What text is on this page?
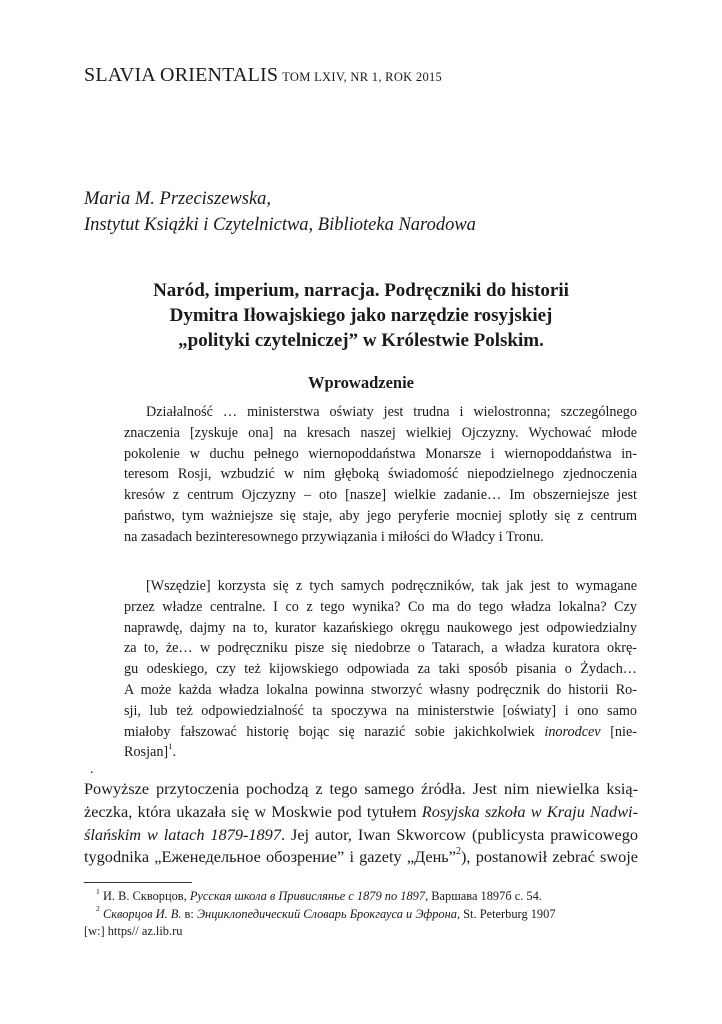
SLAVIA ORIENTALIS TOM LXIV, NR 1, ROK 2015
Maria M. Przeciszewska,
Instytut Książki i Czytelnictwa, Biblioteka Narodowa
Naród, imperium, narracja. Podręczniki do historii
Dymitra Iłowajskiego jako narzędzie rosyjskiej
„polityki czytelniczej” w Królestwie Polskim.
Wprowadzenie
Działalność … ministerstwa oświaty jest trudna i wielostronna; szczególnego
znaczenia [zyskuje ona] na kresach naszej wielkiej Ojczyzny. Wychować młode
pokolenie w duchu pełnego wiernopoddaństwa Monarsze i wiernopoddaństwa in-
teresom Rosji, wzbudzić w nim głęboką świadomość niepodzielnego zjednoczenia
kresów z centrum Ojczyzny – oto [nasze] wielkie zadanie… Im obszerniejsze jest
państwo, tym ważniejsze się staje, aby jego peryferie mocniej splotły się z centrum
na zasadach bezinteresownego przywiązania i miłości do Władcy i Tronu.
[Wszędzie] korzysta się z tych samych podręczników, tak jak jest to wymagane
przez władze centralne. I co z tego wynika? Co ma do tego władza lokalna? Czy
naprawdę, dajmy na to, kurator kazańskiego okręgu naukowego jest odpowiedzialny
za to, że… w podręczniku pisze się niedobrze o Tatarach, a władza kuratora okrę-
gu odeskiego, czy też kijowskiego odpowiada za taki sposób pisania o Żydach…
A może każda władza lokalna powinna stworzyć własny podręcznik do historii Ro-
sji, lub też odpowiedzialność ta spoczywa na ministerstwie [oświaty] i ono samo
miałoby fałszować historię bojąc się narazić sobie jakichkolwiek inorodcev [nie-
Rosjan]$^1$.
.
Powyższe przytoczenia pochodzą z tego samego źródła. Jest nim niewielka ksią-
żeczka, która ukazała się w Moskwie pod tytułem Rosyjska szkoła w Kraju Nadwi-
ślańskim w latach 1879-1897. Jej autor, Iwan Skworcow (publicysta prawicowego
tygodnika „Еженедельное обозрение” i gazety „День”$^2$), postanowił zebrać swoje
$^1$ И. В. Скворцов, Русская школа в Привислянье с 1879 по 1897, Варшава 1897б с. 54.
$^2$ Скворцов И. В. в: Энциклопедический Словарь Брокгауса и Эфрона, St. Peterburg 1907
[w:] https// az.lib.ru
